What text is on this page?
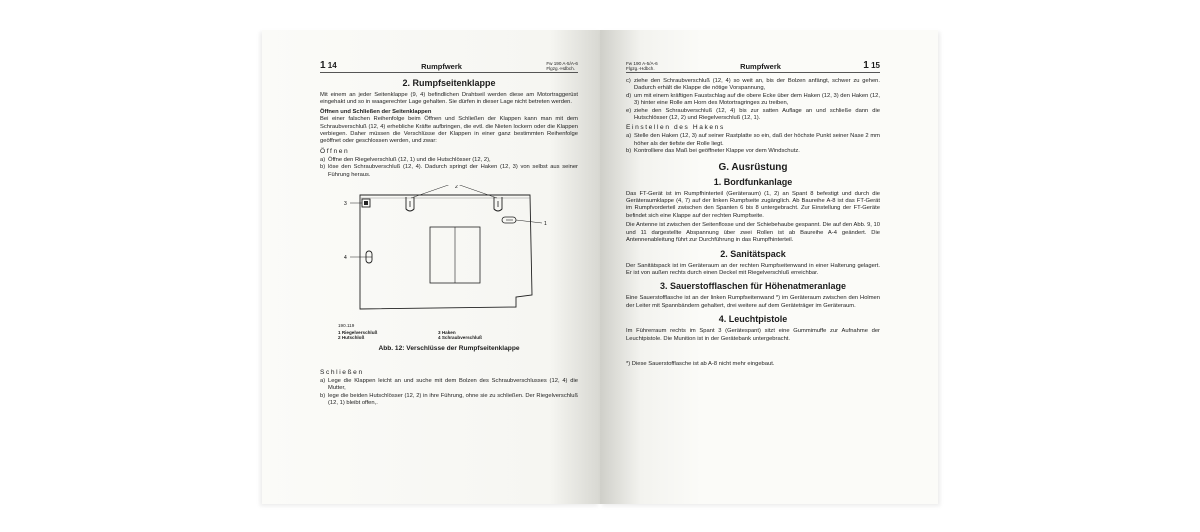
1 14	Rumpfwerk	Fw 190 A-5/A-6
Flgzg.-Hdbch.
2. Rumpfseitenklappe

Mit einem an jeder Seitenklappe (9, 4) befindlichen Drahtseil werden diese am Motortraggerüst eingehakt und so in waagerechter Lage gehalten. Sie dürfen in dieser Lage nicht betreten werden.

Öffnen und Schließen der Seitenklappen

Bei einer falschen Reihenfolge beim Öffnen und Schließen der Klappen kann man mit dem Schraubverschluß (12, 4) erhebliche Kräfte aufbringen, die evtl. die Nieten lockern oder die Klappen verbiegen. Daher müssen die Verschlüsse der Klappen in einer ganz bestimmten Reihenfolge geöffnet oder geschlossen werden, und zwar:

Öffnen
a) Öffne den Riegelverschluß (12, 1) und die Hutschlösser (12, 2),
b) löse den Schraubverschluß (12, 4). Dadurch springt der Haken (12, 3) von selbst aus seiner Führung heraus.
3
4
1
2
190.119
1 Riegelverschluß	3 Haken
2 Hutschloß	4 Schraubverschluß
Abb. 12: Verschlüsse der Rumpfseitenklappe
Schließen
a) Lege die Klappen leicht an und suche mit dem Bolzen des Schraubverschlusses (12, 4) die Mutter,
b) lege die beiden Hutschlösser (12, 2) in ihre Führung, ohne sie zu schließen. Der Riegelverschluß (12, 1) bleibt offen,.
Fw 190 A-5/A-6
Flgzg.-Hdbch.	Rumpfwerk	1 15
c) ziehe den Schraubverschluß (12, 4) so weit an, bis der Bolzen anfängt, schwer zu gehen. Dadurch erhält die Klappe die nötige Vorspannung,
d) um mit einem kräftigen Faustschlag auf die obere Ecke über dem Haken (12, 3) den Haken (12, 3) hinter eine Rolle am Horn des Motortragringes zu treiben,
e) ziehe den Schraubverschluß (12, 4) bis zur satten Auflage an und schließe dann die Hutschlösser (12, 2) und Riegelverschluß (12, 1).
Einstellen des Hakens
a) Stelle den Haken (12, 3) auf seiner Rastplatte so ein, daß der höchste Punkt seiner Nase 2 mm höher als der tiefste der Rolle liegt.
b) Kontrolliere das Maß bei geöffneter Klappe vor dem Windschutz.
G. Ausrüstung
1. Bordfunkanlage

Das FT-Gerät ist im Rumpfhinterteil (Geräteraum) (1, 2) an Spant 8 befestigt und durch die Geräteraumklappe (4, 7) auf der linken Rumpfseite zugänglich. Ab Baureihe A-8 ist das FT-Gerät im Rumpfvorderteil zwischen den Spanten 6 bis 8 untergebracht. Zur Einstellung der FT-Geräte befindet sich eine Klappe auf der rechten Rumpfseite.

Die Antenne ist zwischen der Seitenflosse und der Schiebehaube gespannt. Die auf den Abb. 9, 10 und 11 dargestellte Abspannung über zwei Rollen ist ab Baureihe A-4 geändert. Die Antennenableitung führt zur Durchführung in das Rumpfhinterteil.

2. Sanitätspack

Der Sanitätspack ist im Geräteraum an der rechten Rumpfseitenwand in einer Halterung gelagert. Er ist von außen rechts durch einen Deckel mit Riegelverschluß erreichbar.

3. Sauerstofflaschen für Höhenatmeranlage

Eine Sauerstofflasche ist an der linken Rumpfseitenwand *) im Geräteraum zwischen den Holmen der Leiter mit Spannbändern gehaltert, drei weitere auf dem Geräteträger im Geräteraum.

4. Leuchtpistole

Im Führerraum rechts im Spant 3 (Gerätespant) sitzt eine Gummimuffe zur Aufnahme der Leuchtpistole. Die Munition ist in der Gerätebank untergebracht.

*) Diese Sauerstofflasche ist ab A-8 nicht mehr eingebaut.
